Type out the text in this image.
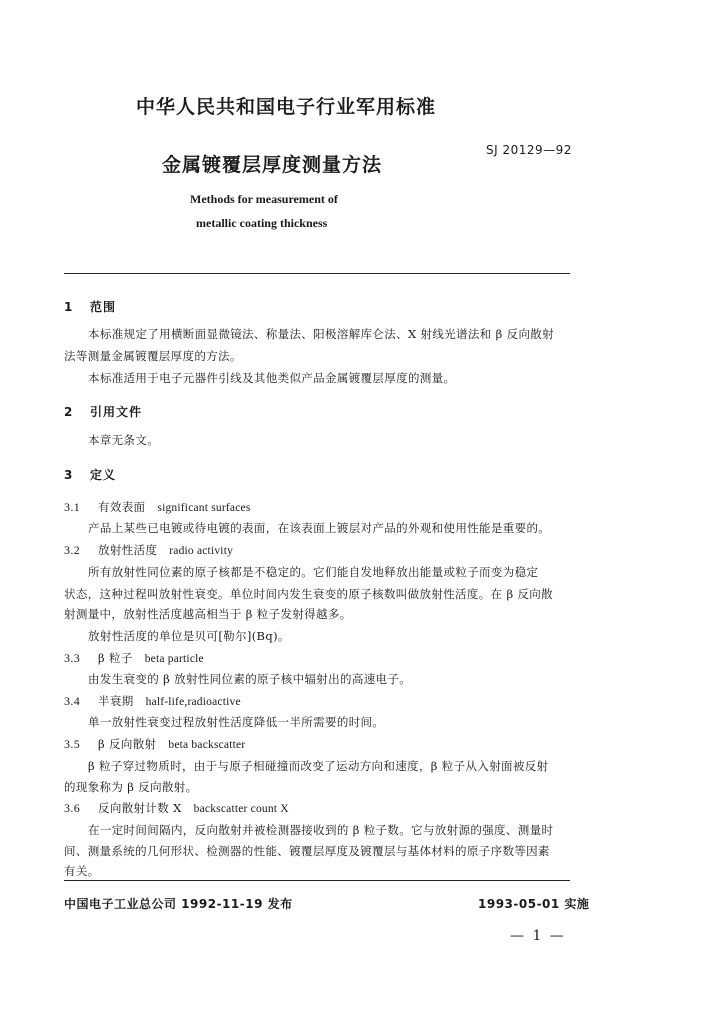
中华人民共和国电子行业军用标准
SJ 20129—92
金属镀覆层厚度测量方法
Methods for measurement of
metallic coating thickness
1 范围
本标准规定了用横断面显微镜法、称量法、阳极溶解库仑法、X 射线光谱法和 β 反向散射
法等测量金属镀覆层厚度的方法。
本标准适用于电子元器件引线及其他类似产品金属镀覆层厚度的测量。
2 引用文件
本章无条文。
3 定义
3.1 有效表面 significant surfaces
产品上某些已电镀或待电镀的表面，在该表面上镀层对产品的外观和使用性能是重要的。
3.2 放射性活度 radio activity
所有放射性同位素的原子核都是不稳定的。它们能自发地释放出能量或粒子而变为稳定
状态，这种过程叫放射性衰变。单位时间内发生衰变的原子核数叫做放射性活度。在 β 反向散
射测量中，放射性活度越高相当于 β 粒子发射得越多。
放射性活度的单位是贝可[勒尔](Bq)。
3.3 β 粒子 beta particle
由发生衰变的 β 放射性同位素的原子核中辐射出的高速电子。
3.4 半衰期 half-life,radioactive
单一放射性衰变过程放射性活度降低一半所需要的时间。
3.5 β 反向散射 beta backscatter
β 粒子穿过物质时，由于与原子相碰撞而改变了运动方向和速度，β 粒子从入射面被反射
的现象称为 β 反向散射。
3.6 反向散射计数 X backscatter count X
在一定时间间隔内，反向散射并被检测器接收到的 β 粒子数。它与放射源的强度、测量时
间、测量系统的几何形状、检测器的性能、镀覆层厚度及镀覆层与基体材料的原子序数等因素
有关。
中国电子工业总公司 1992-11-19 发布	1993-05-01 实施
— 1 —
